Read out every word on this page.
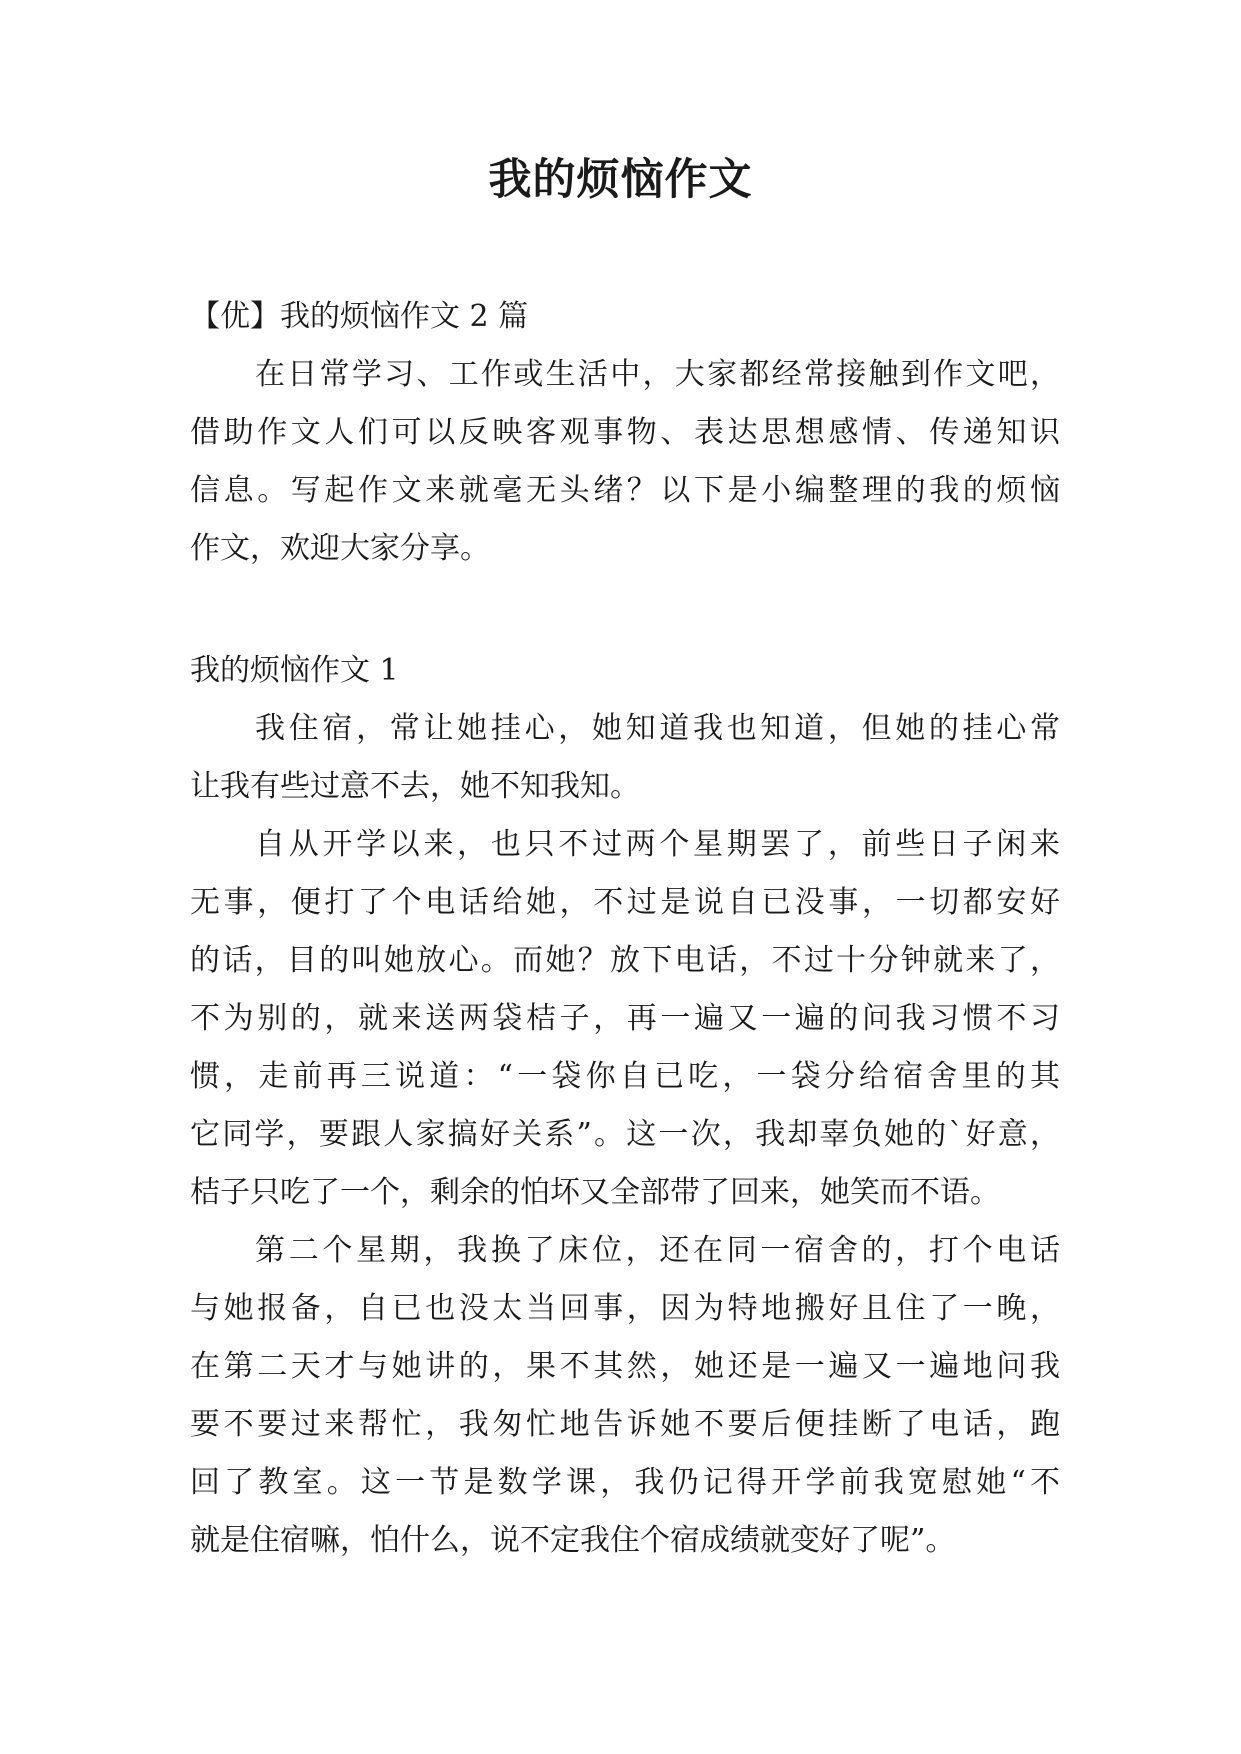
我的烦恼作文

【优】我的烦恼作文 2 篇

在日常学习、工作或生活中，大家都经常接触到作文吧，
借助作文人们可以反映客观事物、表达思想感情、传递知识
信息。写起作文来就毫无头绪？以下是小编整理的我的烦恼
作文，欢迎大家分享。

我的烦恼作文 1

我住宿，常让她挂心，她知道我也知道，但她的挂心常
让我有些过意不去，她不知我知。
自从开学以来，也只不过两个星期罢了，前些日子闲来
无事，便打了个电话给她，不过是说自已没事，一切都安好
的话，目的叫她放心。而她？放下电话，不过十分钟就来了，
不为别的，就来送两袋桔子，再一遍又一遍的问我习惯不习
惯，走前再三说道：“一袋你自已吃，一袋分给宿舍里的其
它同学，要跟人家搞好关系”。这一次，我却辜负她的`好意，
桔子只吃了一个，剩余的怕坏又全部带了回来，她笑而不语。
第二个星期，我换了床位，还在同一宿舍的，打个电话
与她报备，自已也没太当回事，因为特地搬好且住了一晚，
在第二天才与她讲的，果不其然，她还是一遍又一遍地问我
要不要过来帮忙，我匆忙地告诉她不要后便挂断了电话，跑
回了教室。这一节是数学课，我仍记得开学前我宽慰她“不
就是住宿嘛，怕什么，说不定我住个宿成绩就变好了呢”。
